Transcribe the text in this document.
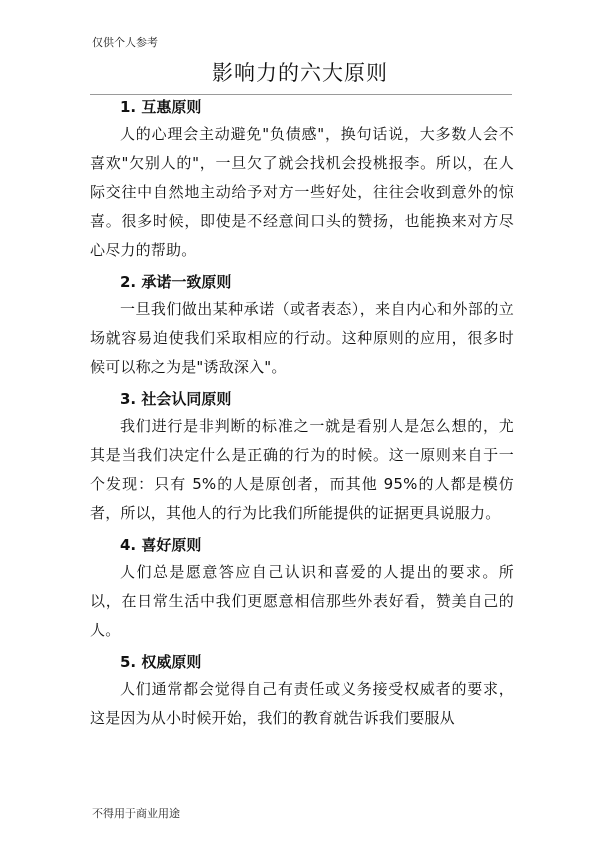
仅供个人参考
影响力的六大原则
1. 互惠原则

人的心理会主动避免"负债感"，换句话说，大多数人会不喜欢"欠别人的"，一旦欠了就会找机会投桃报李。所以，在人际交往中自然地主动给予对方一些好处，往往会收到意外的惊喜。很多时候，即使是不经意间口头的赞扬，也能换来对方尽心尽力的帮助。

2. 承诺一致原则

一旦我们做出某种承诺（或者表态），来自内心和外部的立场就容易迫使我们采取相应的行动。这种原则的应用，很多时候可以称之为是"诱敌深入"。

3. 社会认同原则

我们进行是非判断的标准之一就是看别人是怎么想的，尤其是当我们决定什么是正确的行为的时候。这一原则来自于一个发现：只有 5%的人是原创者，而其他 95%的人都是模仿者，所以，其他人的行为比我们所能提供的证据更具说服力。

4. 喜好原则

人们总是愿意答应自己认识和喜爱的人提出的要求。所以，在日常生活中我们更愿意相信那些外表好看，赞美自己的人。

5. 权威原则

人们通常都会觉得自己有责任或义务接受权威者的要求，这是因为从小时候开始，我们的教育就告诉我们要服从

不得用于商业用途
